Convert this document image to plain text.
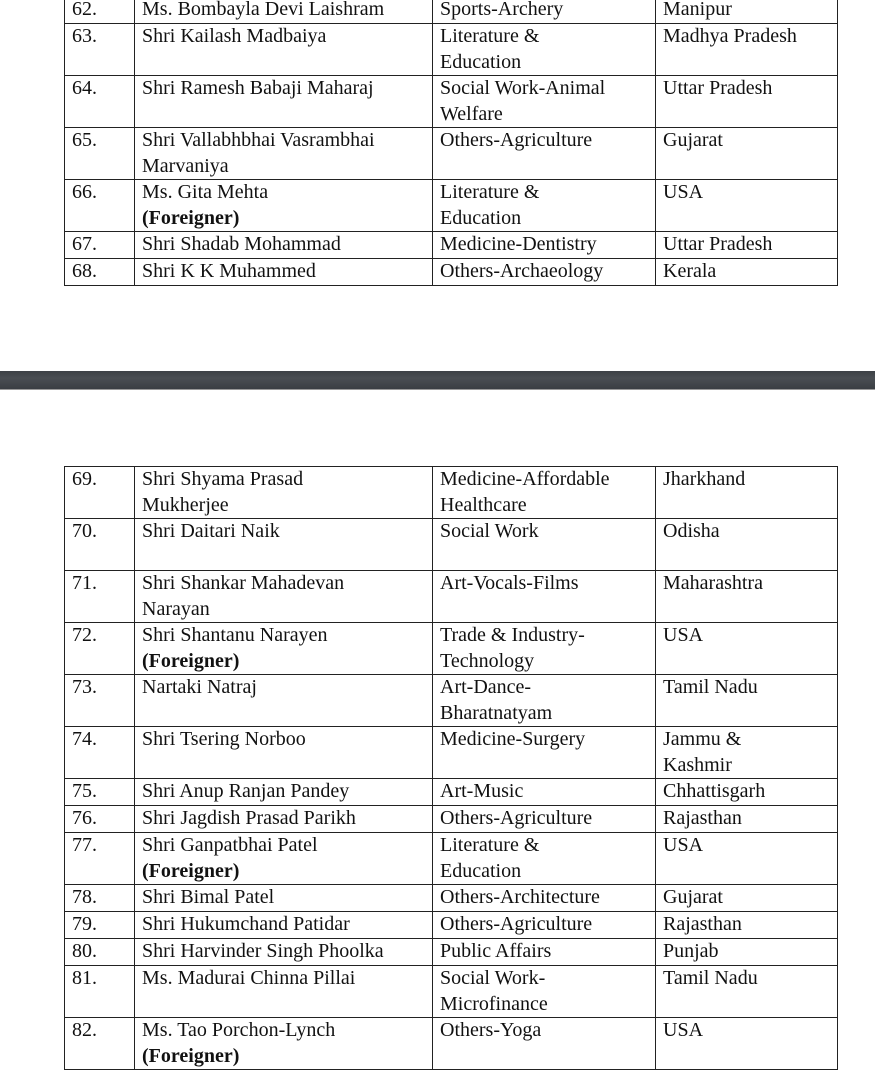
62.	Ms. Bombayla Devi Laishram	Sports-Archery	Manipur

63.	Shri Kailash Madbaiya	Literature &
Education	Madhya Pradesh

64.	Shri Ramesh Babaji Maharaj	Social Work-Animal
Welfare	Uttar Pradesh

65.	Shri Vallabhbhai Vasrambhai
Marvaniya	Others-Agriculture	Gujarat

66.	Ms. Gita Mehta
(Foreigner)	Literature &
Education	USA

67.	Shri Shadab Mohammad	Medicine-Dentistry	Uttar Pradesh

68.	Shri K K Muhammed	Others-Archaeology	Kerala
69.	Shri Shyama Prasad
Mukherjee	Medicine-Affordable
Healthcare	Jharkhand

70.	Shri Daitari Naik	Social Work	Odisha

71.	Shri Shankar Mahadevan
Narayan	Art-Vocals-Films	Maharashtra

72.	Shri Shantanu Narayen
(Foreigner)	Trade & Industry-
Technology	USA

73.	Nartaki Natraj	Art-Dance-
Bharatnatyam	Tamil Nadu

74.	Shri Tsering Norboo	Medicine-Surgery	Jammu &
Kashmir

75.	Shri Anup Ranjan Pandey	Art-Music	Chhattisgarh

76.	Shri Jagdish Prasad Parikh	Others-Agriculture	Rajasthan

77.	Shri Ganpatbhai Patel
(Foreigner)	Literature &
Education	USA

78.	Shri Bimal Patel	Others-Architecture	Gujarat

79.	Shri Hukumchand Patidar	Others-Agriculture	Rajasthan

80.	Shri Harvinder Singh Phoolka	Public Affairs	Punjab

81.	Ms. Madurai Chinna Pillai	Social Work-
Microfinance	Tamil Nadu

82.	Ms. Tao Porchon-Lynch
(Foreigner)	Others-Yoga	USA
